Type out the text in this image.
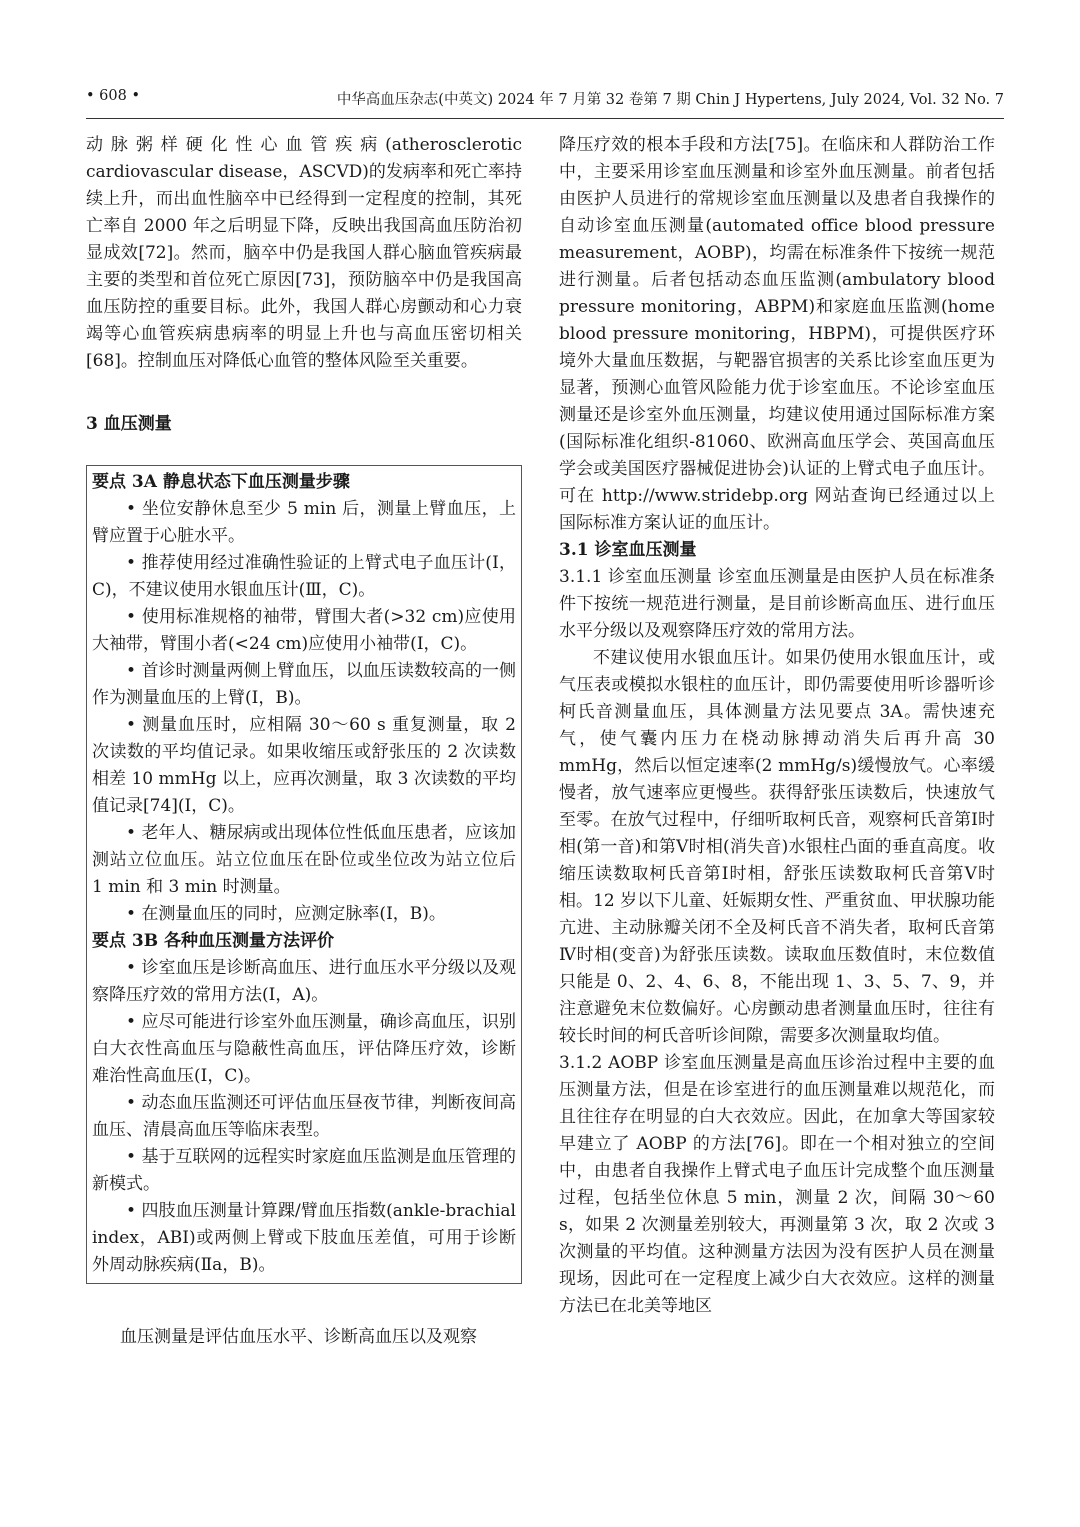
• 608 •	中华高血压杂志(中英文) 2024 年 7 月第 32 卷第 7 期 Chin J Hypertens, July 2024, Vol. 32 No. 7

动脉粥样硬化性心血管疾病(atherosclerotic cardiovascular disease，ASCVD)的发病率和死亡率持续上升，而出血性脑卒中已经得到一定程度的控制，其死亡率自 2000 年之后明显下降，反映出我国高血压防治初显成效[72]。然而，脑卒中仍是我国人群心脑血管疾病最主要的类型和首位死亡原因[73]，预防脑卒中仍是我国高血压防控的重要目标。此外，我国人群心房颤动和心力衰竭等心血管疾病患病率的明显上升也与高血压密切相关[68]。控制血压对降低心血管的整体风险至关重要。

3 血压测量

要点 3A 静息状态下血压测量步骤

• 坐位安静休息至少 5 min 后，测量上臂血压，上臂应置于心脏水平。

• 推荐使用经过准确性验证的上臂式电子血压计(Ⅰ，C)，不建议使用水银血压计(Ⅲ，C)。

• 使用标准规格的袖带，臂围大者(>32 cm)应使用大袖带，臂围小者(<24 cm)应使用小袖带(Ⅰ，C)。

• 首诊时测量两侧上臂血压，以血压读数较高的一侧作为测量血压的上臂(Ⅰ，B)。

• 测量血压时，应相隔 30～60 s 重复测量，取 2 次读数的平均值记录。如果收缩压或舒张压的 2 次读数相差 10 mmHg 以上，应再次测量，取 3 次读数的平均值记录[74](Ⅰ，C)。

• 老年人、糖尿病或出现体位性低血压患者，应该加测站立位血压。站立位血压在卧位或坐位改为站立位后 1 min 和 3 min 时测量。

• 在测量血压的同时，应测定脉率(Ⅰ，B)。

要点 3B 各种血压测量方法评价

• 诊室血压是诊断高血压、进行血压水平分级以及观察降压疗效的常用方法(Ⅰ，A)。

• 应尽可能进行诊室外血压测量，确诊高血压，识别白大衣性高血压与隐蔽性高血压，评估降压疗效，诊断难治性高血压(Ⅰ，C)。

• 动态血压监测还可评估血压昼夜节律，判断夜间高血压、清晨高血压等临床表型。

• 基于互联网的远程实时家庭血压监测是血压管理的新模式。

• 四肢血压测量计算踝/臂血压指数(ankle-brachial index，ABI)或两侧上臂或下肢血压差值，可用于诊断外周动脉疾病(Ⅱa，B)。

血压测量是评估血压水平、诊断高血压以及观察

降压疗效的根本手段和方法[75]。在临床和人群防治工作中，主要采用诊室血压测量和诊室外血压测量。前者包括由医护人员进行的常规诊室血压测量以及患者自我操作的自动诊室血压测量(automated office blood pressure measurement，AOBP)，均需在标准条件下按统一规范进行测量。后者包括动态血压监测(ambulatory blood pressure monitoring，ABPM)和家庭血压监测(home blood pressure monitoring，HBPM)，可提供医疗环境外大量血压数据，与靶器官损害的关系比诊室血压更为显著，预测心血管风险能力优于诊室血压。不论诊室血压测量还是诊室外血压测量，均建议使用通过国际标准方案(国际标准化组织-81060、欧洲高血压学会、英国高血压学会或美国医疗器械促进协会)认证的上臂式电子血压计。可在 http://www.stridebp.org 网站查询已经通过以上国际标准方案认证的血压计。

3.1 诊室血压测量

3.1.1 诊室血压测量 诊室血压测量是由医护人员在标准条件下按统一规范进行测量，是目前诊断高血压、进行血压水平分级以及观察降压疗效的常用方法。

不建议使用水银血压计。如果仍使用水银血压计，或气压表或模拟水银柱的血压计，即仍需要使用听诊器听诊柯氏音测量血压，具体测量方法见要点 3A。需快速充气，使气囊内压力在桡动脉搏动消失后再升高 30 mmHg，然后以恒定速率(2 mmHg/s)缓慢放气。心率缓慢者，放气速率应更慢些。获得舒张压读数后，快速放气至零。在放气过程中，仔细听取柯氏音，观察柯氏音第Ⅰ时相(第一音)和第Ⅴ时相(消失音)水银柱凸面的垂直高度。收缩压读数取柯氏音第Ⅰ时相，舒张压读数取柯氏音第Ⅴ时相。12 岁以下儿童、妊娠期女性、严重贫血、甲状腺功能亢进、主动脉瓣关闭不全及柯氏音不消失者，取柯氏音第Ⅳ时相(变音)为舒张压读数。读取血压数值时，末位数值只能是 0、2、4、6、8，不能出现 1、3、5、7、9，并注意避免末位数偏好。心房颤动患者测量血压时，往往有较长时间的柯氏音听诊间隙，需要多次测量取均值。

3.1.2 AOBP 诊室血压测量是高血压诊治过程中主要的血压测量方法，但是在诊室进行的血压测量难以规范化，而且往往存在明显的白大衣效应。因此，在加拿大等国家较早建立了 AOBP 的方法[76]。即在一个相对独立的空间中，由患者自我操作上臂式电子血压计完成整个血压测量过程，包括坐位休息 5 min，测量 2 次，间隔 30～60 s，如果 2 次测量差别较大，再测量第 3 次，取 2 次或 3 次测量的平均值。这种测量方法因为没有医护人员在测量现场，因此可在一定程度上减少白大衣效应。这样的测量方法已在北美等地区
